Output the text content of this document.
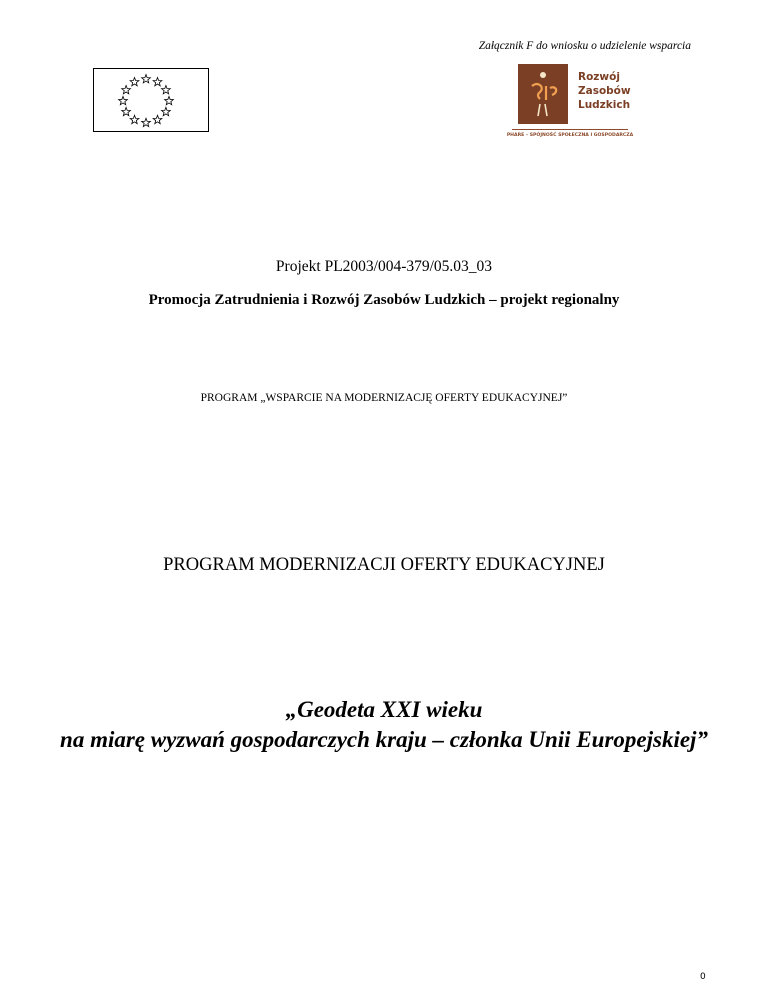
Załącznik F do wniosku o udzielenie wsparcia
Rozwój
Zasobów
Ludzkich
PHARE – SPÓJNOŚĆ SPOŁECZNA I GOSPODARCZA
Projekt PL2003/004-379/05.03_03
Promocja Zatrudnienia i Rozwój Zasobów Ludzkich – projekt regionalny
PROGRAM „WSPARCIE NA MODERNIZACJĘ OFERTY EDUKACYJNEJ”
PROGRAM MODERNIZACJI OFERTY EDUKACYJNEJ
„Geodeta XXI wieku
na miarę wyzwań gospodarczych kraju – członka Unii Europejskiej”
0
